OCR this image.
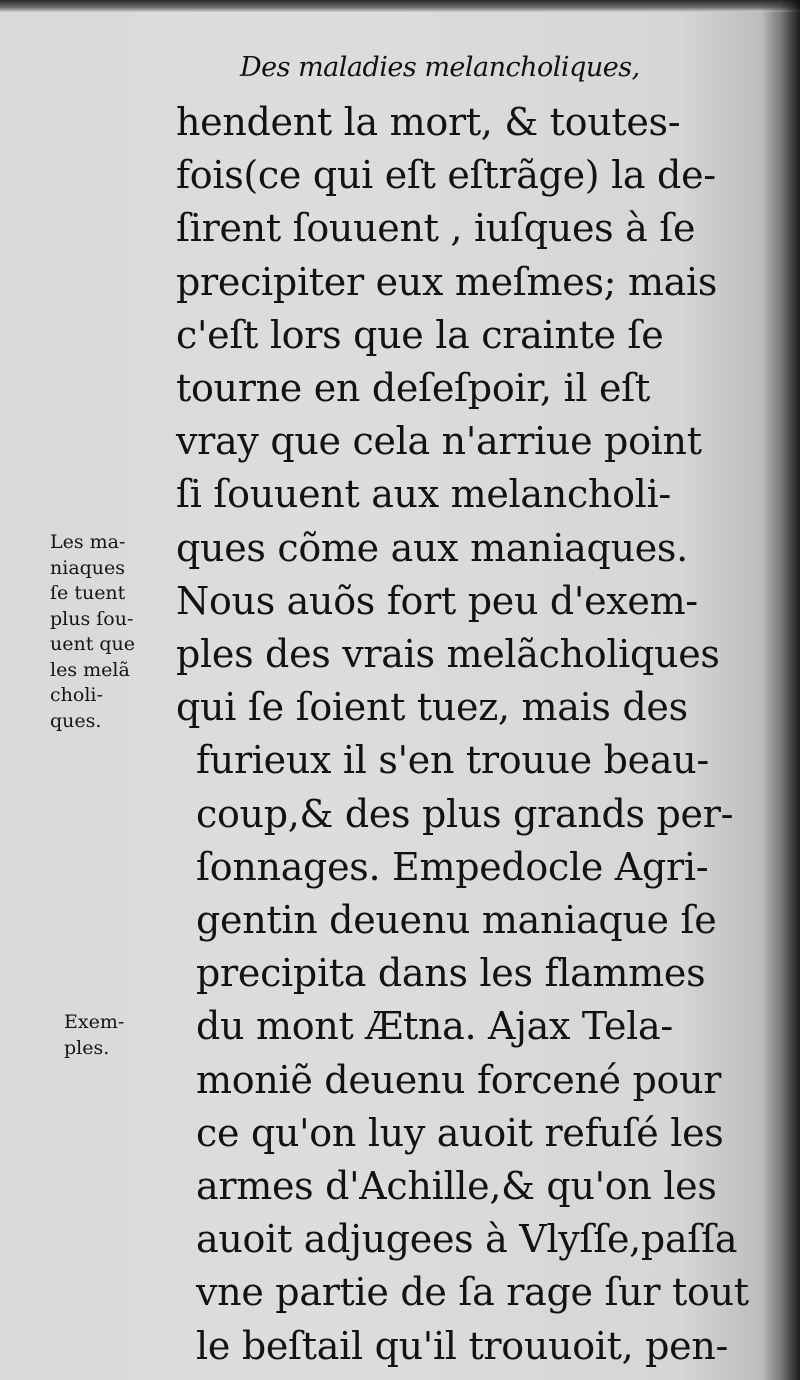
Des maladies melancholiques,
hendent la mort, & toutes-
fois(ce qui eſt eſtrãge) la de-
ſirent ſouuent , iuſques à ſe
precipiter eux meſmes; mais
c'eſt lors que la crainte ſe
tourne en deſeſpoir, il eſt
vray que cela n'arriue point
ſi ſouuent aux melancholi-
ques cõme aux maniaques.
Nous auõs fort peu d'exem-
ples des vrais melãcholiques
qui ſe ſoient tuez, mais des
furieux il s'en trouue beau-
coup,& des plus grands per-
ſonnages. Empedocle Agri-
gentin deuenu maniaque ſe
precipita dans les flammes
du mont Ætna. Ajax Tela-
moniẽ deuenu forcené pour
ce qu'on luy auoit refuſé les
armes d'Achille,& qu'on les
auoit adjugees à Vlyſſe,paſſa
vne partie de ſa rage ſur tout
le beſtail qu'il trouuoit, pen-
Les ma-
niaques
ſe tuent
plus ſou-
uent que
les melã
choli-
ques.
Exem-
ples.
